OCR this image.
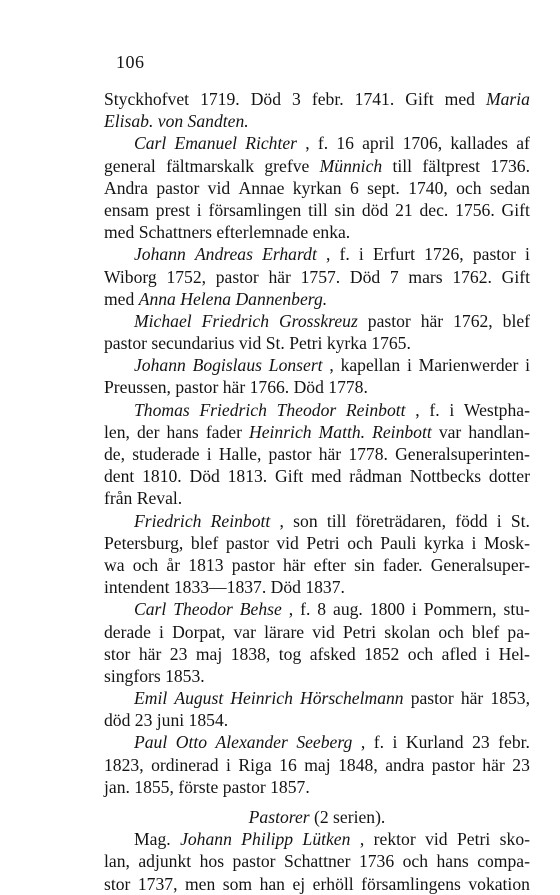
106
Styckhofvet 1719. Död 3 febr. 1741. Gift med Maria
Elisab. von Sandten.
Carl Emanuel Richter , f. 16 april 1706, kallades af
general fältmarskalk grefve Münnich till fältprest 1736.
Andra pastor vid Annae kyrkan 6 sept. 1740, och sedan
ensam prest i församlingen till sin död 21 dec. 1756. Gift
med Schattners efterlemnade enka.
Johann Andreas Erhardt , f. i Erfurt 1726, pastor i
Wiborg 1752, pastor här 1757. Död 7 mars 1762. Gift
med Anna Helena Dannenberg.
Michael Friedrich Grosskreuz pastor här 1762, blef
pastor secundarius vid St. Petri kyrka 1765.
Johann Bogislaus Lonsert , kapellan i Marienwerder i
Preussen, pastor här 1766. Död 1778.
Thomas Friedrich Theodor Reinbott , f. i Westpha-
len, der hans fader Heinrich Matth. Reinbott var handlan-
de, studerade i Halle, pastor här 1778. Generalsuperinten-
dent 1810. Död 1813. Gift med rådman Nottbecks dotter
från Reval.
Friedrich Reinbott , son till företrädaren, född i St.
Petersburg, blef pastor vid Petri och Pauli kyrka i Mosk-
wa och år 1813 pastor här efter sin fader. Generalsuper-
intendent 1833—1837. Död 1837.
Carl Theodor Behse , f. 8 aug. 1800 i Pommern, stu-
derade i Dorpat, var lärare vid Petri skolan och blef pa-
stor här 23 maj 1838, tog afsked 1852 och afled i Hel-
singfors 1853.
Emil August Heinrich Hörschelmann pastor här 1853,
död 23 juni 1854.
Paul Otto Alexander Seeberg , f. i Kurland 23 febr.
1823, ordinerad i Riga 16 maj 1848, andra pastor här 23
jan. 1855, förste pastor 1857.
Pastorer (2 serien).
Mag. Johann Philipp Lütken , rektor vid Petri sko-
lan, adjunkt hos pastor Schattner 1736 och hans compa-
stor 1737, men som han ej erhöll församlingens vokation
